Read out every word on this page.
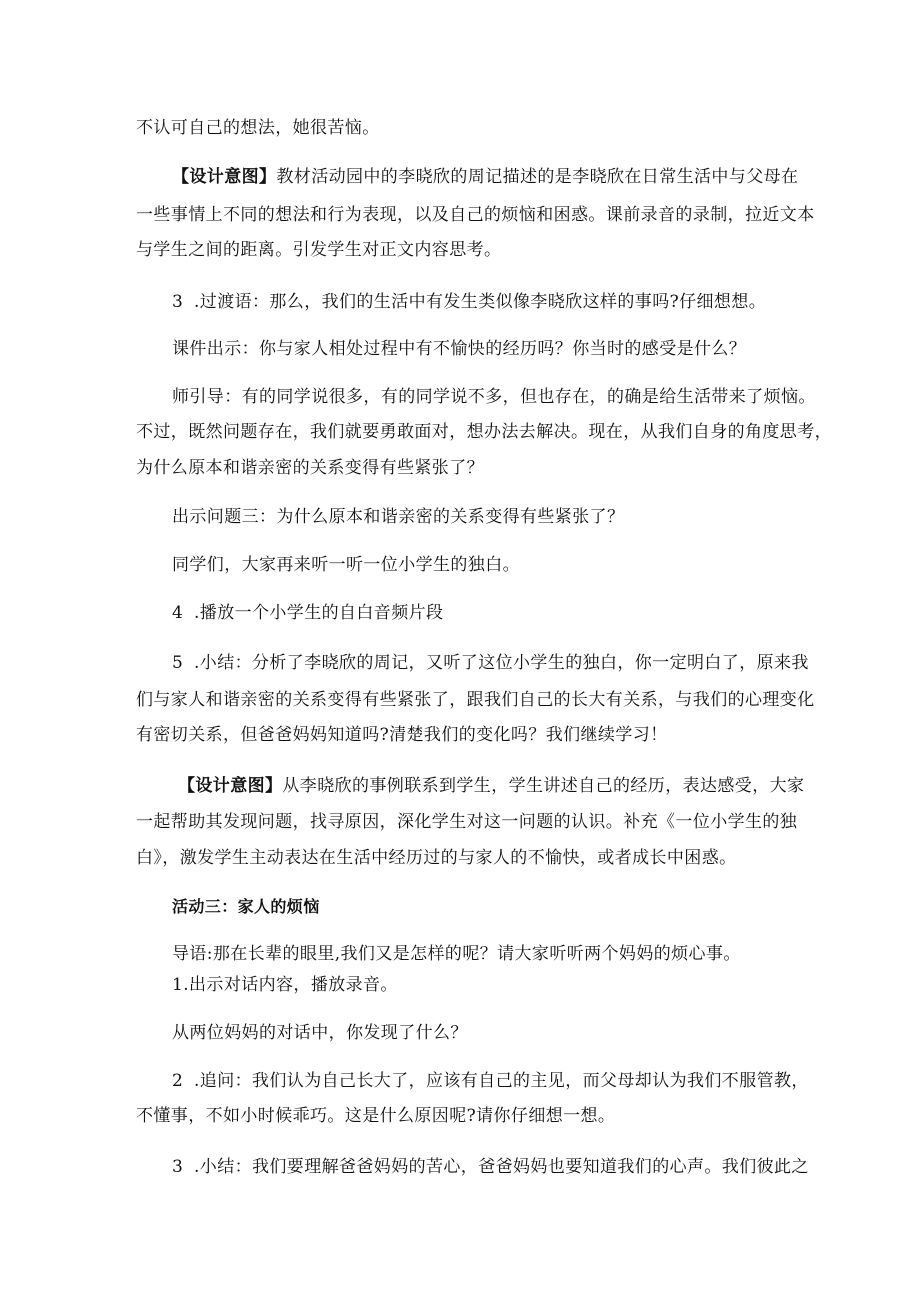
不认可自己的想法，她很苦恼。
【设计意图】教材活动园中的李晓欣的周记描述的是李晓欣在日常生活中与父母在
一些事情上不同的想法和行为表现，以及自己的烦恼和困惑。课前录音的录制，拉近文本
与学生之间的距离。引发学生对正文内容思考。
3 .过渡语：那么，我们的生活中有发生类似像李晓欣这样的事吗?仔细想想。
课件出示：你与家人相处过程中有不愉快的经历吗？你当时的感受是什么？
师引导：有的同学说很多，有的同学说不多，但也存在，的确是给生活带来了烦恼。
不过，既然问题存在，我们就要勇敢面对，想办法去解决。现在，从我们自身的角度思考，
为什么原本和谐亲密的关系变得有些紧张了？
出示问题三：为什么原本和谐亲密的关系变得有些紧张了？
同学们，大家再来听一听一位小学生的独白。
4 .播放一个小学生的自白音频片段
5 .小结：分析了李晓欣的周记，又听了这位小学生的独白，你一定明白了，原来我
们与家人和谐亲密的关系变得有些紧张了，跟我们自己的长大有关系，与我们的心理变化
有密切关系，但爸爸妈妈知道吗?清楚我们的变化吗？我们继续学习！
【设计意图】从李晓欣的事例联系到学生，学生讲述自己的经历，表达感受，大家
一起帮助其发现问题，找寻原因，深化学生对这一问题的认识。补充《一位小学生的独
白》，激发学生主动表达在生活中经历过的与家人的不愉快，或者成长中困惑。
活动三：家人的烦恼
导语:那在长辈的眼里,我们又是怎样的呢？请大家听听两个妈妈的烦心事。
1.出示对话内容，播放录音。
从两位妈妈的对话中，你发现了什么？
2 .追问：我们认为自己长大了，应该有自己的主见，而父母却认为我们不服管教，
不懂事，不如小时候乖巧。这是什么原因呢?请你仔细想一想。
3 .小结：我们要理解爸爸妈妈的苦心，爸爸妈妈也要知道我们的心声。我们彼此之
